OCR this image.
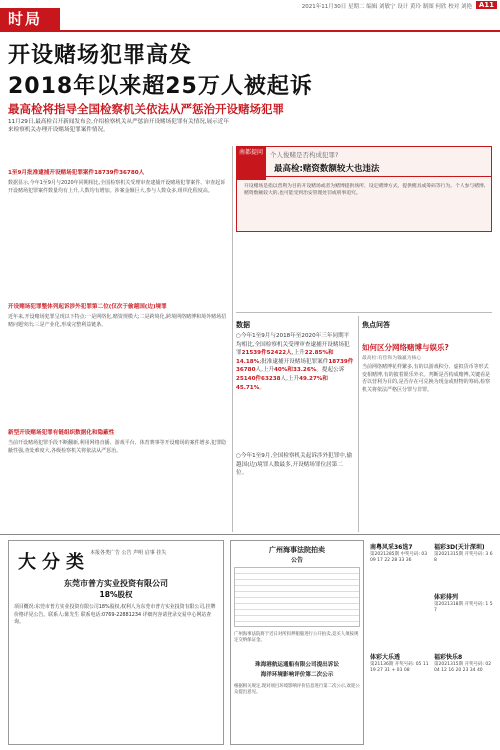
时局
2021年11月30日 星期二 编辑 刘敏宁 设计 黄玲 制图 何欣 校对 刘艳 A11
开设赌场犯罪高发
2018年以来超25万人被起诉
最高检将指导全国检察机关依法从严惩治开设赌场犯罪
11月29日,最高检召开新闻发布会,介绍检察机关从严惩治开设赌场犯罪有关情况,展示近年来检察机关办理开设赌场犯罪案件情况。
1至9月批准逮捕开设赌场犯罪案件18739件36780人
数据显示,今年1至9月与2020年同期相比,全国检察机关受理审查逮捕开设赌场犯罪案件、审查起诉开设赌场犯罪案件数量均有上升,人数均有增加。涉案金额巨大,参与人数众多,组织化程度高。
开设赌场犯罪整体列起诉涉外犯罪第二位(仅次于偷越国(边)境罪
近年来,开设赌场犯罪呈现以下特点:一是网络化,赌资规模大;二是跨境化,跨境网络赌博和境外赌场招赌问题突出;三是产业化,形成完整利益链条。
新型开设赌场犯罪有链组织数据化和隐蔽性
当前开设赌场犯罪手段不断翻新,利用网络直播、游戏平台、体育赛事等开设赌场的案件增多,犯罪隐蔽性强,查处难度大,各级检察机关将依法从严惩治。
南都提问	个人俊赌是否构成犯罪?
最高检:赌资数额较大也违法
开设赌场是指以营利为目的开设赌场或者为赌博提供场所、设定赌博方式、提供赌具或筹码等行为。个人参与赌博,赌资数额较大的,也可能受到治安管理处罚或刑事追究。
数据
○今年1至9月与2018年至2020年三年同期平均相比,全国检察机关受理审查逮捕开设赌场犯罪21539件52422人,上升22.85%和14.18%;批准逮捕开设赌场犯罪案件18739件36780人,上升40%和33.26%。提起公诉25140件63238人,上升49.27%和45.71%。
○今年1至9月,全国检察机关起诉涉外犯罪中,偷越国(边)境罪人数最多,开设赌场罪位居第二位。
焦点问答
如何区分网络赌博与娱乐?
最高检:有偿和为输赢为核心
当前网络赌博花样繁多,有的以游戏积分、虚拟货币等形式变相赌博,有的披着娱乐外衣。判断是否构成赌博,关键看是否以营利为目的,是否存在可兑换为现金或财物的筹码,检察机关将依法严格区分罪与非罪。
大分类 本报各类广告 公告 声明 启事 挂失
东莞市普方实业投资有限公司
18%股权
项目概况:东莞市普方实业投资有限公司18%股权,权利人为东莞市普方实业投资有限公司,挂牌价格详见公告。联系人:陈先生 联系电话:0769-22881234 详细内容请登录交易中心网站查询。
广州海事法院拍卖
公告
广州海事法院将于近日对所扣押船舶进行公开拍卖,竞买人须按规定交纳保证金。
珠海港航运通船有限公司提出诉讼
海洋环境影响评价第二次公示
根据相关规定,现对项目环境影响评价信息进行第二次公示,欢迎公众提出意见。
南粤风采36选7
第2021285期 中奖号码: 03 09 17 22 28 33 36
福彩3D(天计深圳)
第2021315期 开奖号码: 3 6 8
体彩排列
第2021318期 开奖号码: 1 5 7
体彩大乐透
第21136期 开奖号码: 05 11 19 27 31 + 03 08
福彩快乐8
第2021315期 开奖号码: 02 04 12 16 20 23 34 40
